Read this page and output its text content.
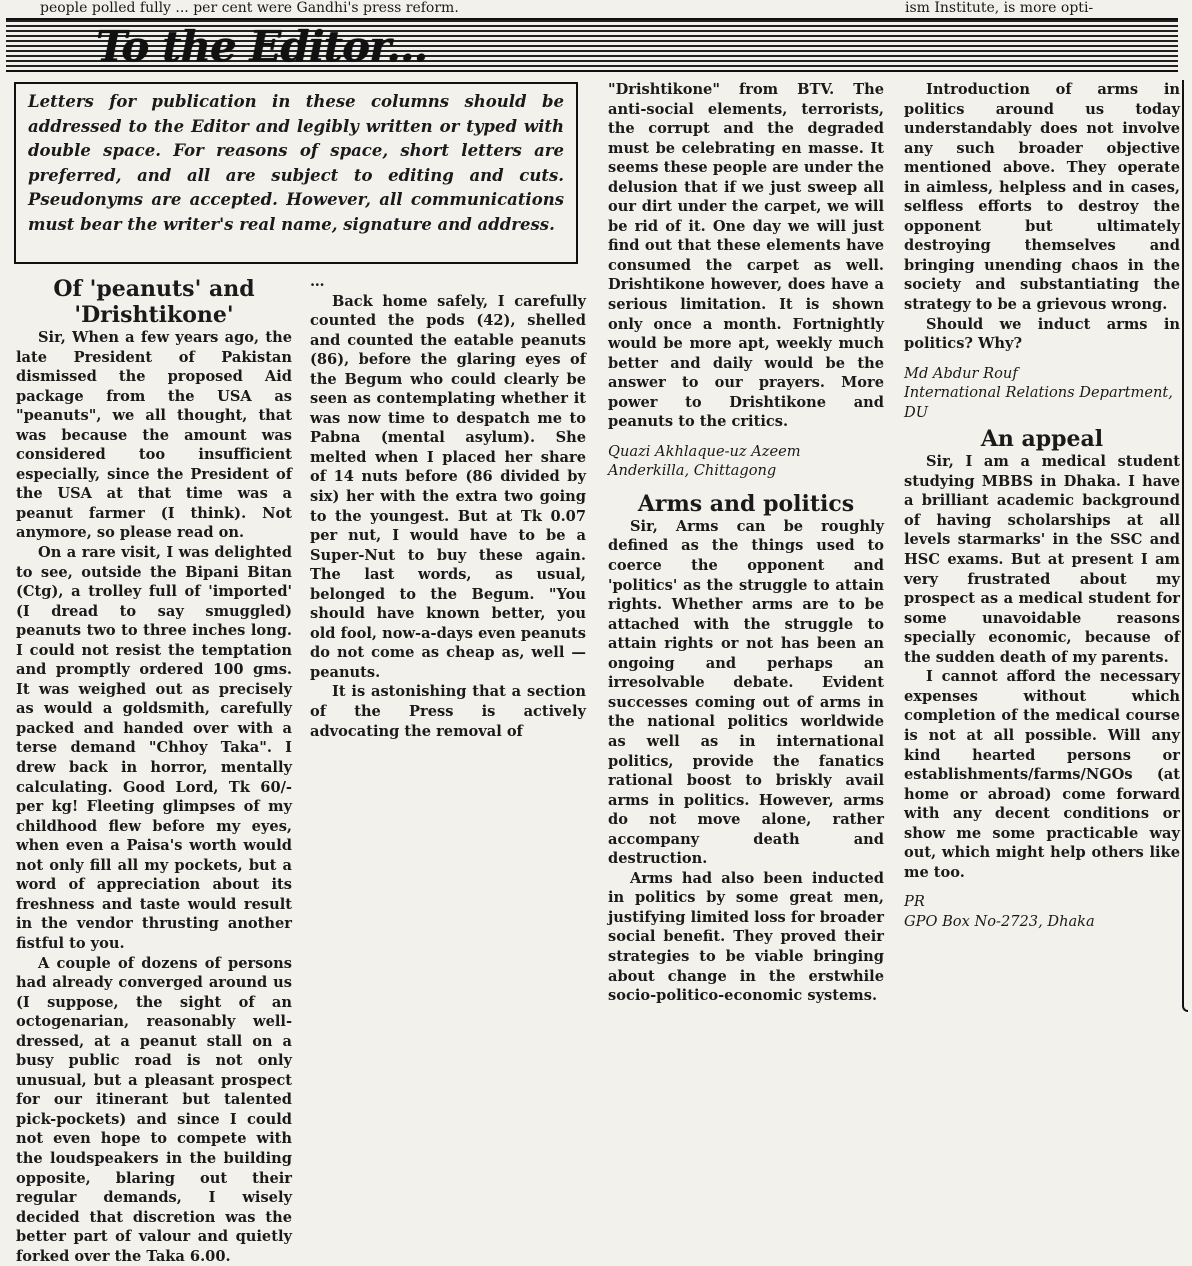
people polled fully ... per cent were Gandhi's press reform.	ism Institute, is more opti-
To the Editor...
Letters for publication in these columns should be addressed to the Editor and legibly written or typed with double space. For reasons of space, short letters are preferred, and all are subject to editing and cuts. Pseudonyms are accepted. However, all communications must bear the writer's real name, signature and address.
Of 'peanuts' and 'Drishtikone'

Sir, When a few years ago, the late President of Pakistan dismissed the proposed Aid package from the USA as "peanuts", we all thought, that was because the amount was considered too insufficient especially, since the President of the USA at that time was a peanut farmer (I think). Not anymore, so please read on.

On a rare visit, I was delighted to see, outside the Bipani Bitan (Ctg), a trolley full of 'imported' (I dread to say smuggled) peanuts two to three inches long. I could not resist the temptation and promptly ordered 100 gms. It was weighed out as precisely as would a goldsmith, carefully packed and handed over with a terse demand "Chhoy Taka". I drew back in horror, mentally calculating. Good Lord, Tk 60/- per kg! Fleeting glimpses of my childhood flew before my eyes, when even a Paisa's worth would not only fill all my pockets, but a word of appreciation about its freshness and taste would result in the vendor thrusting another fistful to you.

A couple of dozens of persons had already converged around us (I suppose, the sight of an octogenarian, reasonably well-dressed, at a peanut stall on a busy public road is not only unusual, but a pleasant prospect for our itinerant but talented pick-pockets) and since I could not even hope to compete with the loudspeakers in the building opposite, blaring out their regular demands, I wisely decided that discretion was the better part of valour and quietly forked over the Taka 6.00.

…

Back home safely, I carefully counted the pods (42), shelled and counted the eatable peanuts (86), before the glaring eyes of the Begum who could clearly be seen as contemplating whether it was now time to despatch me to Pabna (mental asylum). She melted when I placed her share of 14 nuts before (86 divided by six) her with the extra two going to the youngest. But at Tk 0.07 per nut, I would have to be a Super-Nut to buy these again. The last words, as usual, belonged to the Begum. "You should have known better, you old fool, now-a-days even peanuts do not come as cheap as, well — peanuts.

It is astonishing that a section of the Press is actively advocating the removal of

"Drishtikone" from BTV. The anti-social elements, terrorists, the corrupt and the degraded must be celebrating en masse. It seems these people are under the delusion that if we just sweep all our dirt under the carpet, we will be rid of it. One day we will just find out that these elements have consumed the carpet as well. Drishtikone however, does have a serious limitation. It is shown only once a month. Fortnightly would be more apt, weekly much better and daily would be the answer to our prayers. More power to Drishtikone and peanuts to the critics.

Quazi Akhlaque-uz Azeem

Anderkilla, Chittagong

Arms and politics

Sir, Arms can be roughly defined as the things used to coerce the opponent and 'politics' as the struggle to attain rights. Whether arms are to be attached with the struggle to attain rights or not has been an ongoing and perhaps an irresolvable debate. Evident successes coming out of arms in the national politics worldwide as well as in international politics, provide the fanatics rational boost to briskly avail arms in politics. However, arms do not move alone, rather accompany death and destruction.

Arms had also been inducted in politics by some great men, justifying limited loss for broader social benefit. They proved their strategies to be viable bringing about change in the erstwhile socio-politico-economic systems.

Introduction of arms in politics around us today understandably does not involve any such broader objective mentioned above. They operate in aimless, helpless and in cases, selfless efforts to destroy the opponent but ultimately destroying themselves and bringing unending chaos in the society and substantiating the strategy to be a grievous wrong.

Should we induct arms in politics? Why?

Md Abdur Rouf

International Relations Department, DU

An appeal

Sir, I am a medical student studying MBBS in Dhaka. I have a brilliant academic background of having scholarships at all levels starmarks' in the SSC and HSC exams. But at present I am very frustrated about my prospect as a medical student for some unavoidable reasons specially economic, because of the sudden death of my parents.

I cannot afford the necessary expenses without which completion of the medical course is not at all possible. Will any kind hearted persons or establishments/farms/NGOs (at home or abroad) come forward with any decent conditions or show me some practicable way out, which might help others like me too.

PR

GPO Box No-2723, Dhaka
